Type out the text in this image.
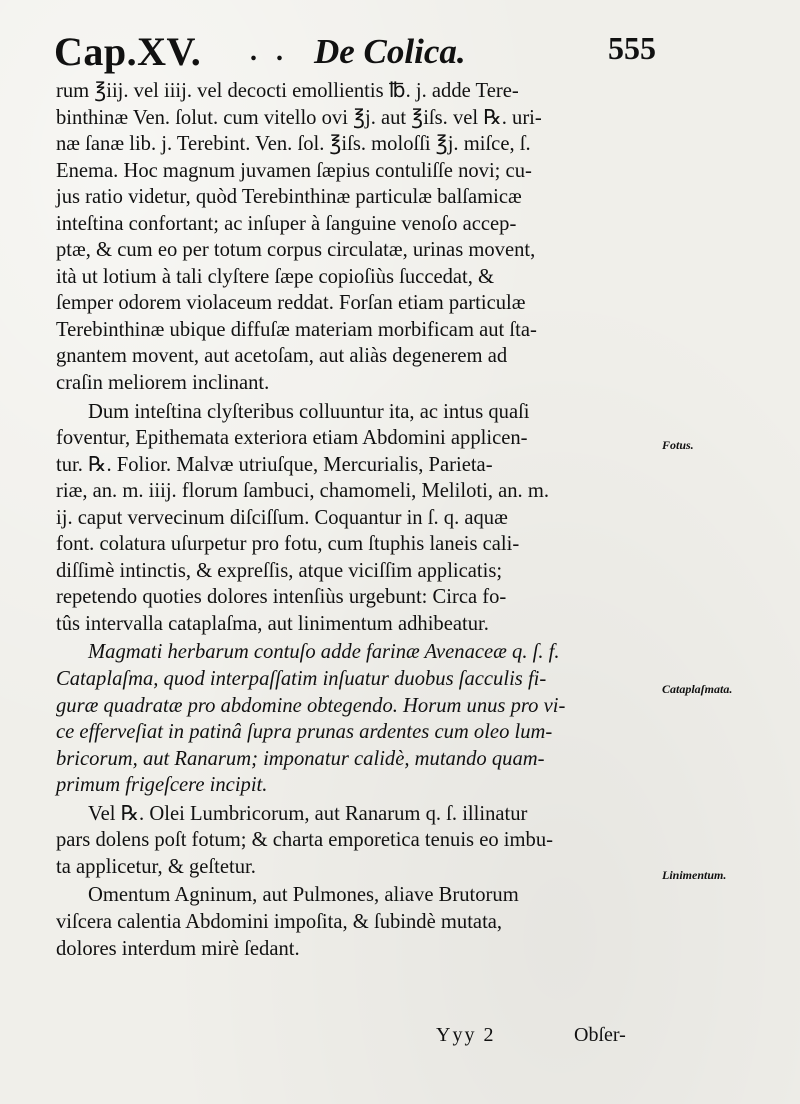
Cap.XV. . . De Colica.	555

rum ℥iij. vel iiij. vel decocti emollientis ℔. j. adde Tere-
binthinæ Ven. ſolut. cum vitello ovi ℥j. aut ℥iſs. vel ℞. uri-
næ ſanæ lib. j. Terebint. Ven. ſol. ℥iſs. moloſſi ℥j. miſce, ſ.
Enema. Hoc magnum juvamen ſæpius contuliſſe novi; cu-
jus ratio videtur, quòd Terebinthinæ particulæ balſamicæ
inteſtina confortant; ac inſuper à ſanguine venoſo accep-
ptæ, & cum eo per totum corpus circulatæ, urinas movent,
ità ut lotium à tali clyſtere ſæpe copioſiùs ſuccedat, &
ſemper odorem violaceum reddat. Forſan etiam particulæ
Terebinthinæ ubique diffuſæ materiam morbificam aut ſta-
gnantem movent, aut acetoſam, aut aliàs degenerem ad
craſin meliorem inclinant.

Dum inteſtina clyſteribus colluuntur ita, ac intus quaſi
foventur, Epithemata exteriora etiam Abdomini applicen-
tur. ℞. Folior. Malvæ utriuſque, Mercurialis, Parieta-
riæ, an. m. iiij. florum ſambuci, chamomeli, Meliloti, an. m.
ij. caput vervecinum diſciſſum. Coquantur in ſ. q. aquæ
font. colatura uſurpetur pro fotu, cum ſtuphis laneis cali-
diſſimè intinctis, & expreſſis, atque viciſſim applicatis;
repetendo quoties dolores intenſiùs urgebunt: Circa fo-
tûs intervalla cataplaſma, aut linimentum adhibeatur.

Magmati herbarum contuſo adde farinæ Avenaceæ q. ſ. f.
Cataplaſma, quod interpaſſatim inſuatur duobus ſacculis fi-
guræ quadratæ pro abdomine obtegendo. Horum unus pro vi-
ce efferveſiat in patinâ ſupra prunas ardentes cum oleo lum-
bricorum, aut Ranarum; imponatur calidè, mutando quam-
primum frigeſcere incipit.

Vel ℞. Olei Lumbricorum, aut Ranarum q. ſ. illinatur
pars dolens poſt fotum; & charta emporetica tenuis eo imbu-
ta applicetur, & geſtetur.

Omentum Agninum, aut Pulmones, aliave Brutorum
viſcera calentia Abdomini impoſita, & ſubindè mutata,
dolores interdum mirè ſedant.

Fotus.
Cataplaſmata.
Linimentum.
Yyy 2	Obſer-
